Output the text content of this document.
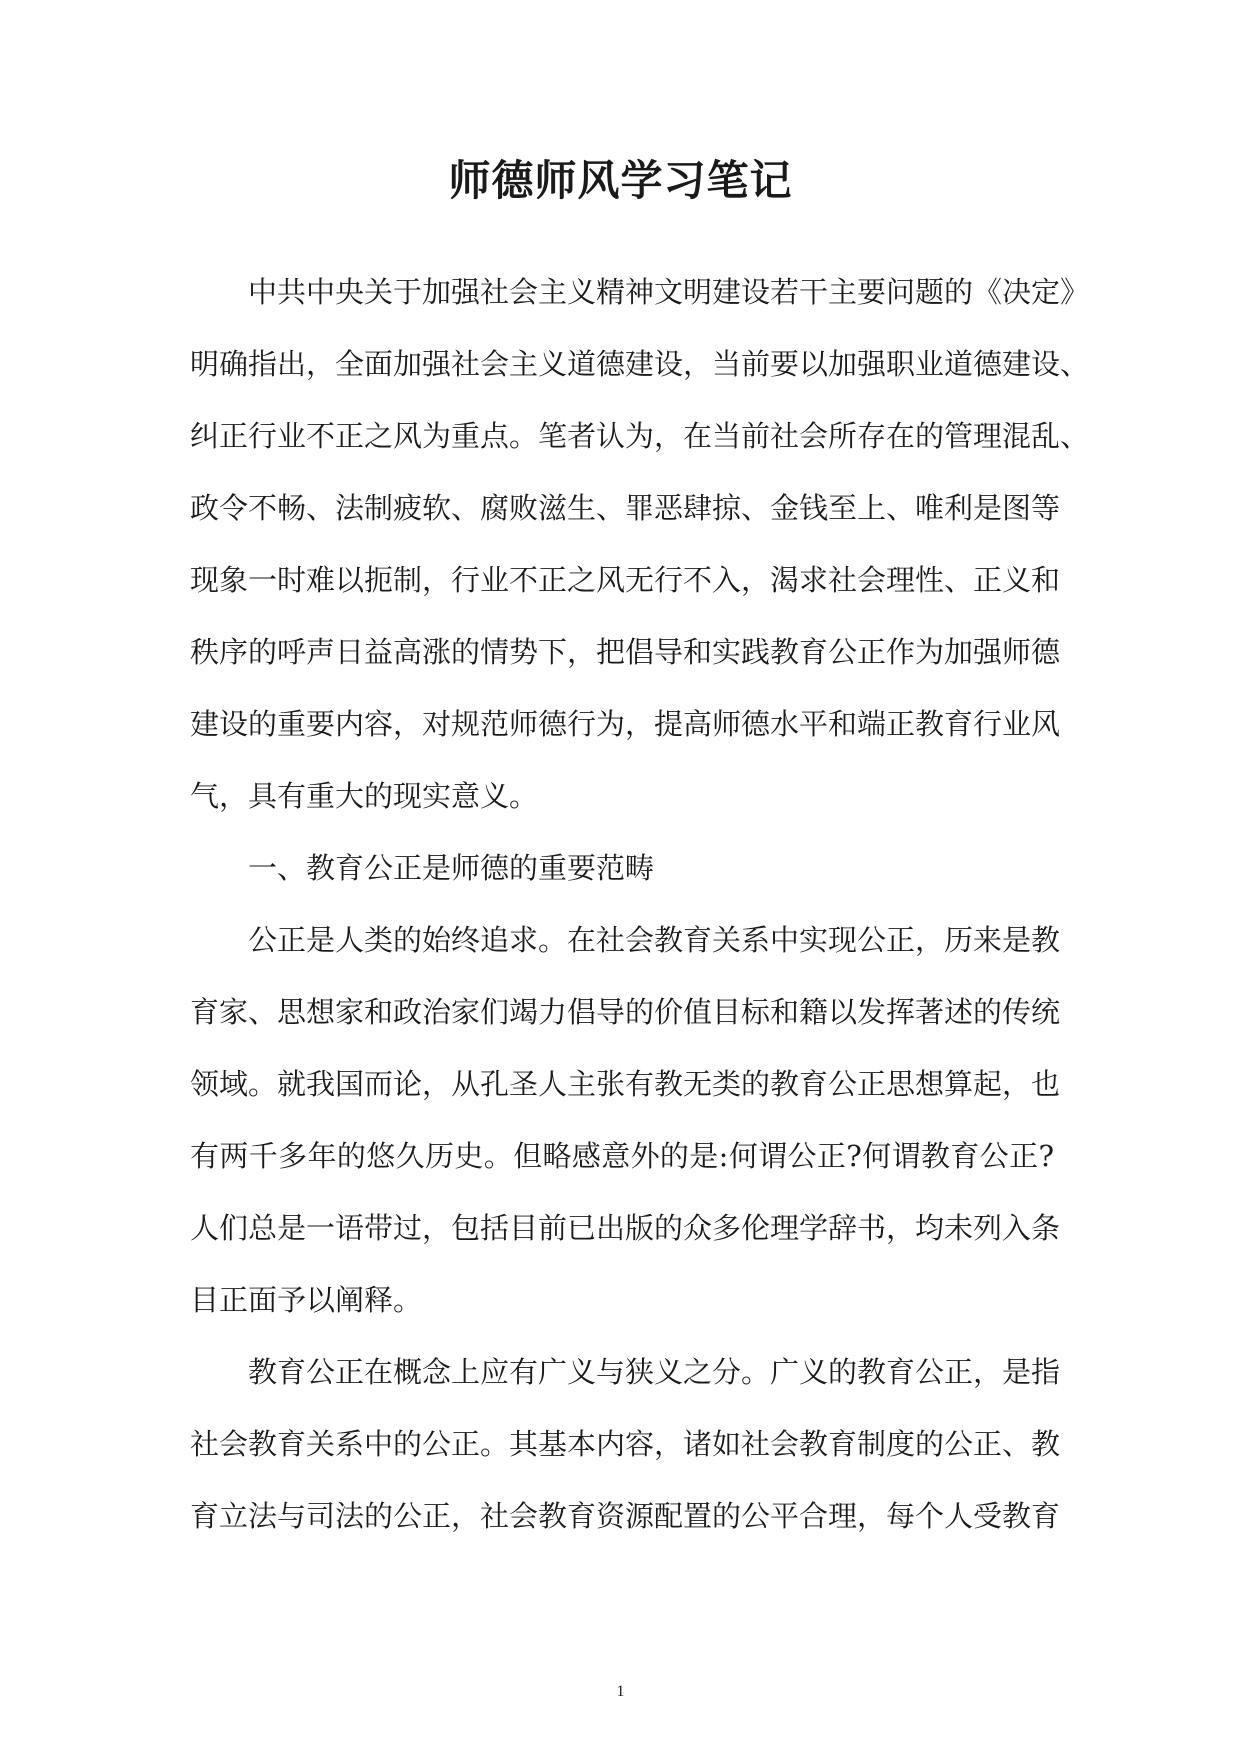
师德师风学习笔记
中共中央关于加强社会主义精神文明建设若干主要问题的《决定》
明确指出，全面加强社会主义道德建设，当前要以加强职业道德建设、
纠正行业不正之风为重点。笔者认为，在当前社会所存在的管理混乱、
政令不畅、法制疲软、腐败滋生、罪恶肆掠、金钱至上、唯利是图等
现象一时难以扼制，行业不正之风无行不入，渴求社会理性、正义和
秩序的呼声日益高涨的情势下，把倡导和实践教育公正作为加强师德
建设的重要内容，对规范师德行为，提高师德水平和端正教育行业风
气，具有重大的现实意义。
一、教育公正是师德的重要范畴
公正是人类的始终追求。在社会教育关系中实现公正，历来是教
育家、思想家和政治家们竭力倡导的价值目标和籍以发挥著述的传统
领域。就我国而论，从孔圣人主张有教无类的教育公正思想算起，也
有两千多年的悠久历史。但略感意外的是:何谓公正?何谓教育公正?
人们总是一语带过，包括目前已出版的众多伦理学辞书，均未列入条
目正面予以阐释。
教育公正在概念上应有广义与狭义之分。广义的教育公正，是指
社会教育关系中的公正。其基本内容，诸如社会教育制度的公正、教
育立法与司法的公正，社会教育资源配置的公平合理，每个人受教育
1
